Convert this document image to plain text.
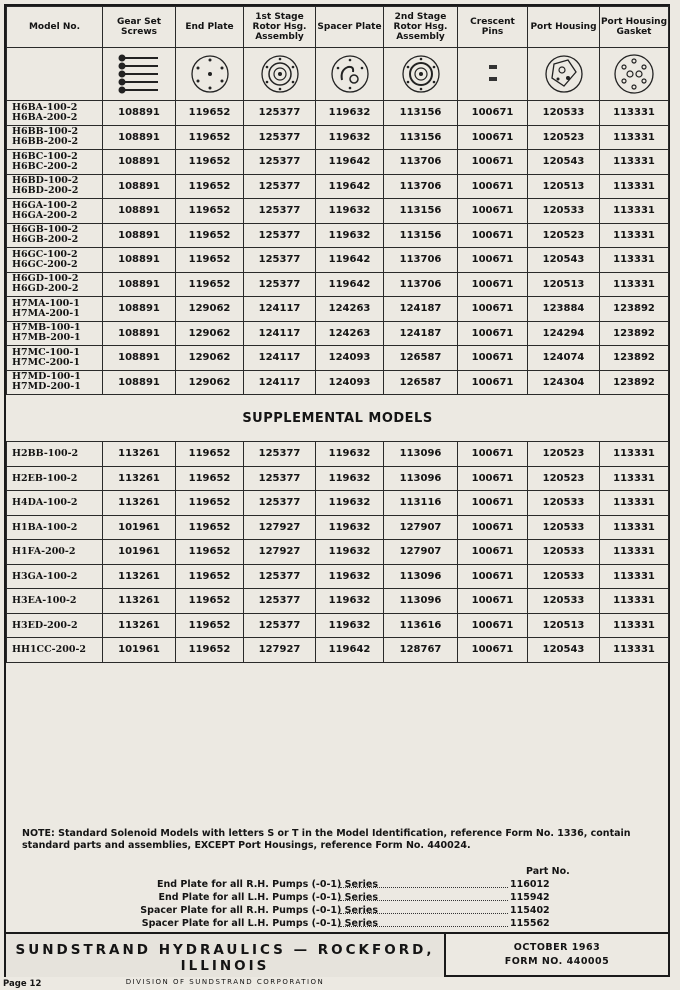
Model No.	Gear Set Screws	End Plate	1st Stage Rotor Hsg. Assembly	Spacer Plate	2nd Stage Rotor Hsg. Assembly	Crescent Pins	Port Housing	Port Housing Gasket

H6BA-100-2
H6BA-200-2	108891	119652	125377	119632	113156	100671	120533	113331

H6BB-100-2
H6BB-200-2	108891	119652	125377	119632	113156	100671	120523	113331

H6BC-100-2
H6BC-200-2	108891	119652	125377	119642	113706	100671	120543	113331

H6BD-100-2
H6BD-200-2	108891	119652	125377	119642	113706	100671	120513	113331

H6GA-100-2
H6GA-200-2	108891	119652	125377	119632	113156	100671	120533	113331

H6GB-100-2
H6GB-200-2	108891	119652	125377	119632	113156	100671	120523	113331

H6GC-100-2
H6GC-200-2	108891	119652	125377	119642	113706	100671	120543	113331

H6GD-100-2
H6GD-200-2	108891	119652	125377	119642	113706	100671	120513	113331

H7MA-100-1
H7MA-200-1	108891	129062	124117	124263	124187	100671	123884	123892

H7MB-100-1
H7MB-200-1	108891	129062	124117	124263	124187	100671	124294	123892

H7MC-100-1
H7MC-200-1	108891	129062	124117	124093	126587	100671	124074	123892

H7MD-100-1
H7MD-200-1	108891	129062	124117	124093	126587	100671	124304	123892
SUPPLEMENTAL MODELS								
H2BB-100-2	113261	119652	125377	119632	113096	100671	120523	113331
H2EB-100-2	113261	119652	125377	119632	113096	100671	120523	113331
H4DA-100-2	113261	119652	125377	119632	113116	100671	120533	113331
H1BA-100-2	101961	119652	127927	119632	127907	100671	120533	113331
H1FA-200-2	101961	119652	127927	119632	127907	100671	120533	113331
H3GA-100-2	113261	119652	125377	119632	113096	100671	120533	113331
H3EA-100-2	113261	119652	125377	119632	113096	100671	120533	113331
H3ED-200-2	113261	119652	125377	119632	113616	100671	120513	113331
HH1CC-200-2	101961	119652	127927	119642	128767	100671	120543	113331
NOTE: Standard Solenoid Models with letters S or T in the Model Identification, reference Form No. 1336, contain standard parts and assemblies, EXCEPT Port Housings, reference Form No. 440024.
Part No.
End Plate for all R.H. Pumps (-0-1) Series	116012
End Plate for all L.H. Pumps (-0-1) Series	115942
Spacer Plate for all R.H. Pumps (-0-1) Series	115402
Spacer Plate for all L.H. Pumps (-0-1) Series	115562
SUNDSTRAND HYDRAULICS — ROCKFORD, ILLINOIS
DIVISION OF SUNDSTRAND CORPORATION
OCTOBER 1963
FORM NO. 440005
Page 12
